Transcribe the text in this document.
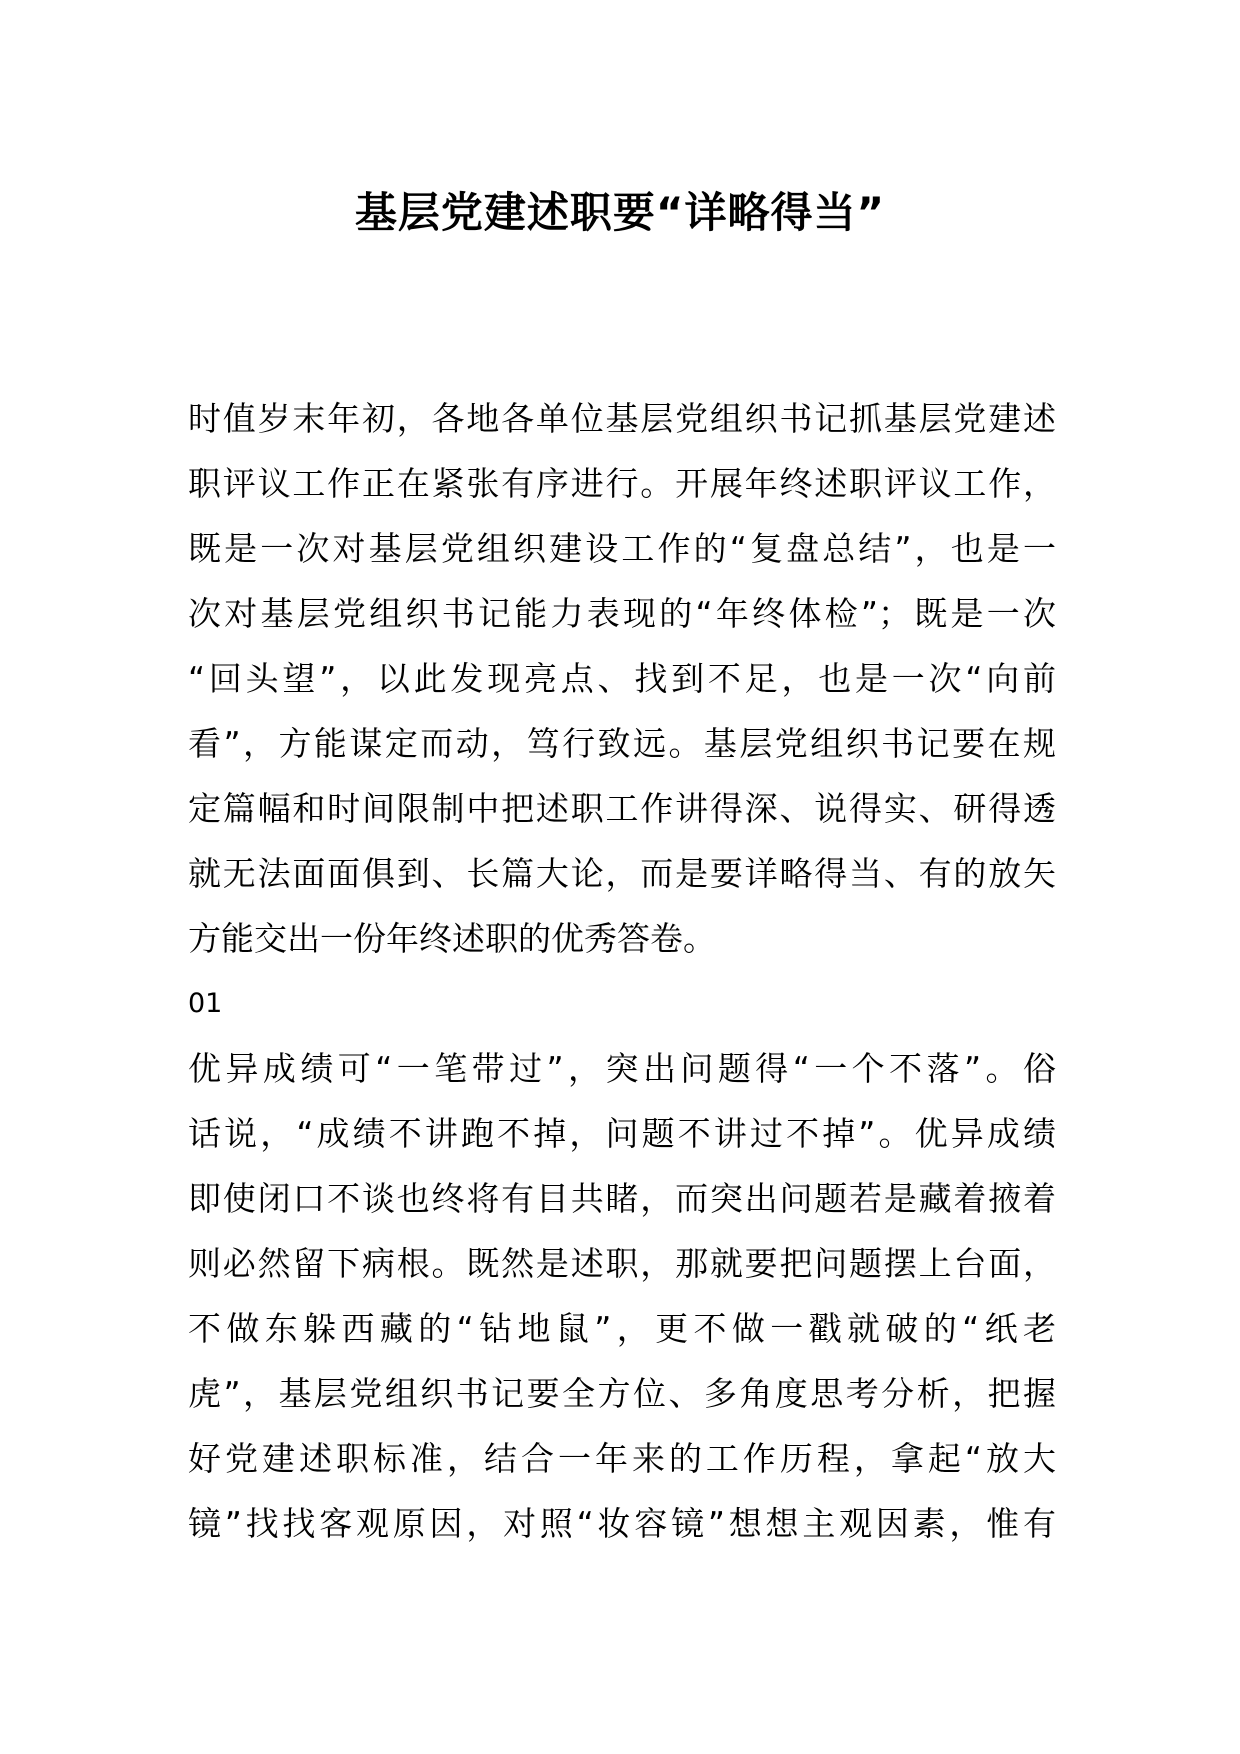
基层党建述职要“详略得当”
时值岁末年初，各地各单位基层党组织书记抓基层党建述
职评议工作正在紧张有序进行。开展年终述职评议工作，
既是一次对基层党组织建设工作的“复盘总结”，也是一
次对基层党组织书记能力表现的“年终体检”；既是一次
“回头望”，以此发现亮点、找到不足，也是一次“向前
看”，方能谋定而动，笃行致远。基层党组织书记要在规
定篇幅和时间限制中把述职工作讲得深、说得实、研得透
就无法面面俱到、长篇大论，而是要详略得当、有的放矢
方能交出一份年终述职的优秀答卷。
01
优异成绩可“一笔带过”，突出问题得“一个不落”。俗
话说，“成绩不讲跑不掉，问题不讲过不掉”。优异成绩
即使闭口不谈也终将有目共睹，而突出问题若是藏着掖着
则必然留下病根。既然是述职，那就要把问题摆上台面，
不做东躲西藏的“钻地鼠”，更不做一戳就破的“纸老
虎”，基层党组织书记要全方位、多角度思考分析，把握
好党建述职标准，结合一年来的工作历程，拿起“放大
镜”找找客观原因，对照“妆容镜”想想主观因素，惟有
